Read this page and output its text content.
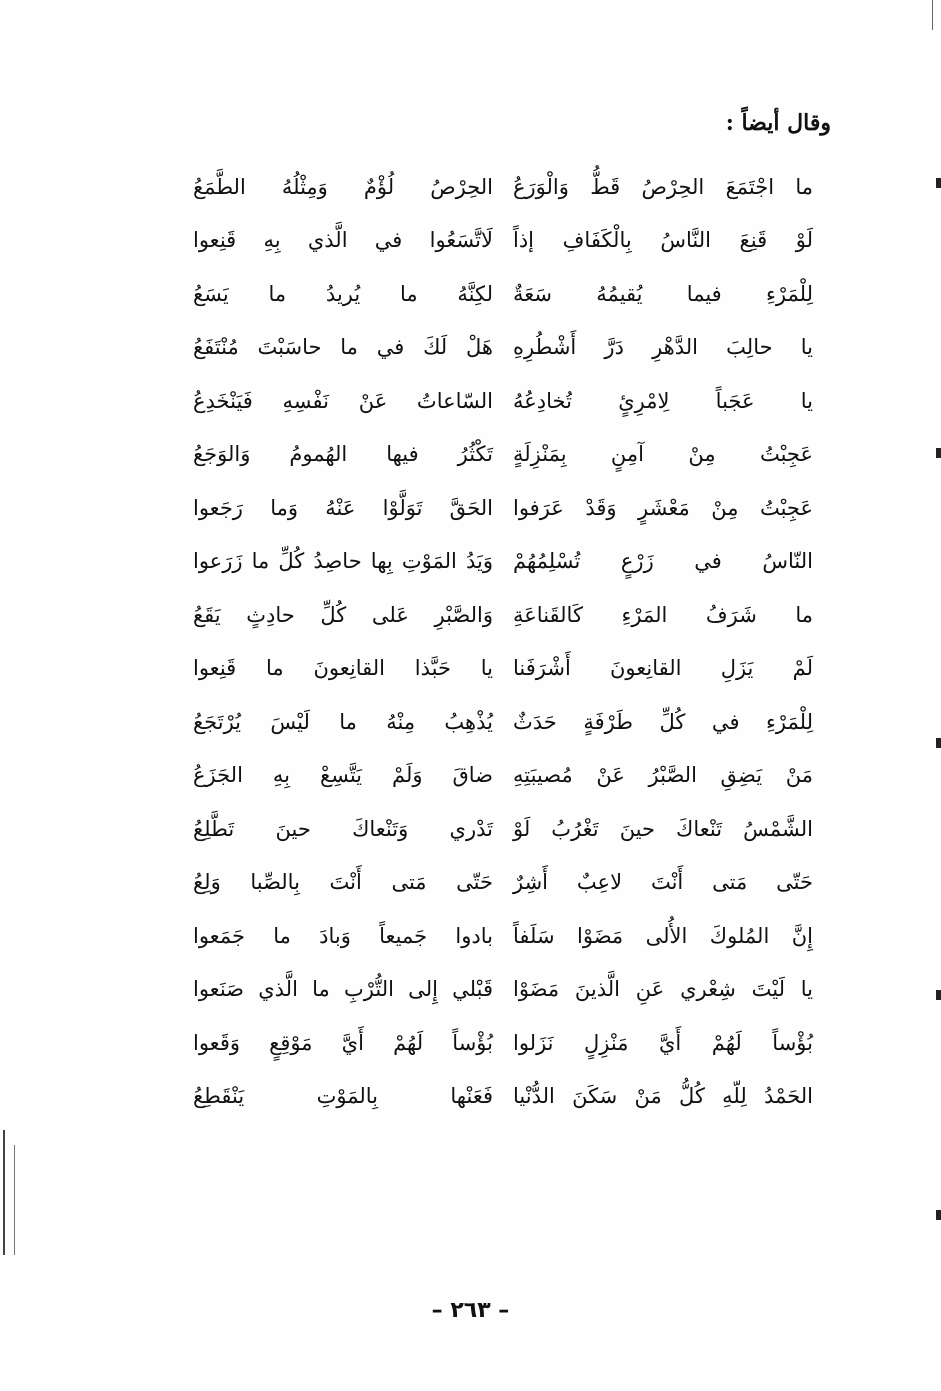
وقال أيضاً :
ما اجْتَمَعَ الحِرْصُ قَطُّ وَالْوَرَعُ
الحِرْصُ لُؤْمٌ وَمِثْلُهُ الطَّمَعُ
لَوْ قَنِعَ النَّاسُ بِالْكَفَافِ إذاً
لَاتَّسَعُوا في الَّذي بِهِ قَنِعوا
لِلْمَرْءِ فيما يُقيمُهُ سَعَةٌ
لكِنَّهُ ما يُريدُ ما يَسَعُ
يا حالِبَ الدَّهْرِ دَرَّ أَشْطُرِهِ
هَلْ لَكَ في ما حاسَبْتَ مُنْتَفَعُ
يا عَجَباً لِامْرِئٍ تُخادِعُهُ
السّاعاتُ عَنْ نَفْسِهِ فَيَنْخَدِعُ
عَجِبْتُ مِنْ آمِنٍ بِمَنْزِلَةٍ
تَكْثُرُ فيها الهُمومُ وَالوَجَعُ
عَجِبْتُ مِنْ مَعْشَرٍ وَقَدْ عَرَفوا
الحَقَّ تَوَلَّوْا عَنْهُ وَما رَجَعوا
النّاسُ في زَرْعٍ تُسْلِمُهُمْ
وَيَدُ المَوْتِ بِها حاصِدُ كُلِّ ما زَرَعوا
ما شَرَفُ المَرْءِ كَالقَناعَةِ
وَالصَّبْرِ عَلى كُلِّ حادِثٍ يَقَعُ
لَمْ يَزَلِ القانِعونَ أَشْرَفَنا
يا حَبَّذا القانِعونَ ما قَنِعوا
لِلْمَرْءِ في كُلِّ طَرْفَةٍ حَدَثٌ
يُذْهِبُ مِنْهُ ما لَيْسَ يُرْتَجَعُ
مَنْ يَضِقِ الصَّبْرُ عَنْ مُصيبَتِهِ
ضاقَ وَلَمْ يَتَّسِعْ بِهِ الجَزَعُ
الشَّمْسُ تَنْعاكَ حينَ تَغْرُبُ لَوْ
تَدْري وَتَنْعاكَ حينَ تَطَّلِعُ
حَتّى مَتى أَنْتَ لاعِبٌ أَشِرٌ
حَتّى مَتى أَنْتَ بِالصِّبا وَلِعُ
إِنَّ المُلوكَ الأُلى مَضَوْا سَلَفاً
بادوا جَميعاً وَبادَ ما جَمَعوا
يا لَيْتَ شِعْري عَنِ الَّذينَ مَضَوْا
قَبْلي إِلى التُّرْبِ ما الَّذي صَنَعوا
بُؤْساً لَهُمْ أَيَّ مَنْزِلٍ نَزَلوا
بُؤْساً لَهُمْ أَيَّ مَوْقِعٍ وَقَعوا
الحَمْدُ لِلّهِ كُلُّ مَنْ سَكَنَ الدُّنْيا
فَعَنْها بِالمَوْتِ يَنْقَطِعُ
– ٢٦٣ –
